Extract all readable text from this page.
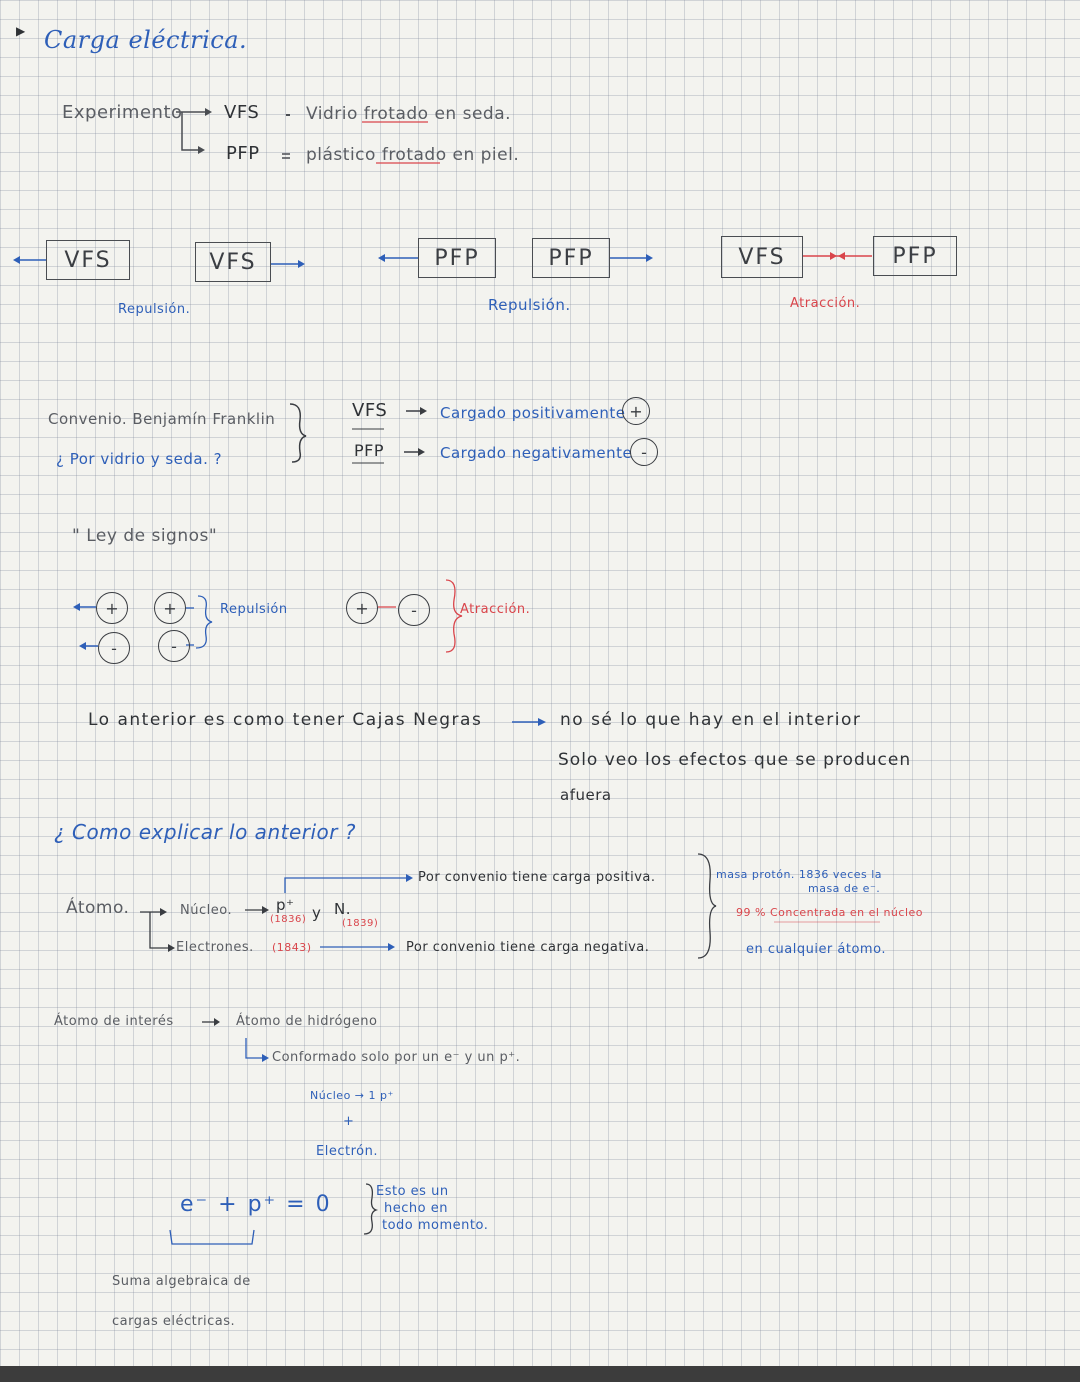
▶ Carga eléctrica.
Experimento VFS	Vidrio frotado en seda.
PFP	plástico frotado en piel.
VFS	VFS
Repulsión.
PFP	PFP
Repulsión.
VFS	PFP
Atracción.
Convenio. Benjamín Franklin
¿ Por vidrio y seda. ?
VFS	Cargado positivamente +
PFP	Cargado negativamente -
" Ley de signos"
+	+
-	-
Repulsión	+	-	Atracción.
Lo anterior es como tener Cajas Negras	no sé lo que hay en el interior
Solo veo los efectos que se producen
afuera
¿ Como explicar lo anterior ?
Átomo.	Núcleo.	p⁺
(1836) y N.
(1839)
Electrones. (1843)
Por convenio tiene carga positiva.
Por convenio tiene carga negativa.
masa protón. 1836 veces la
masa de e⁻.
99 % Concentrada en el núcleo
en cualquier átomo.
Átomo de interés	Átomo de hidrógeno
Conformado solo por un e⁻ y un p⁺.
Núcleo → 1 p⁺
+
Electrón.
e⁻ + p⁺ = 0
Esto es un
hecho en
todo momento.
Suma algebraica de
cargas eléctricas.
